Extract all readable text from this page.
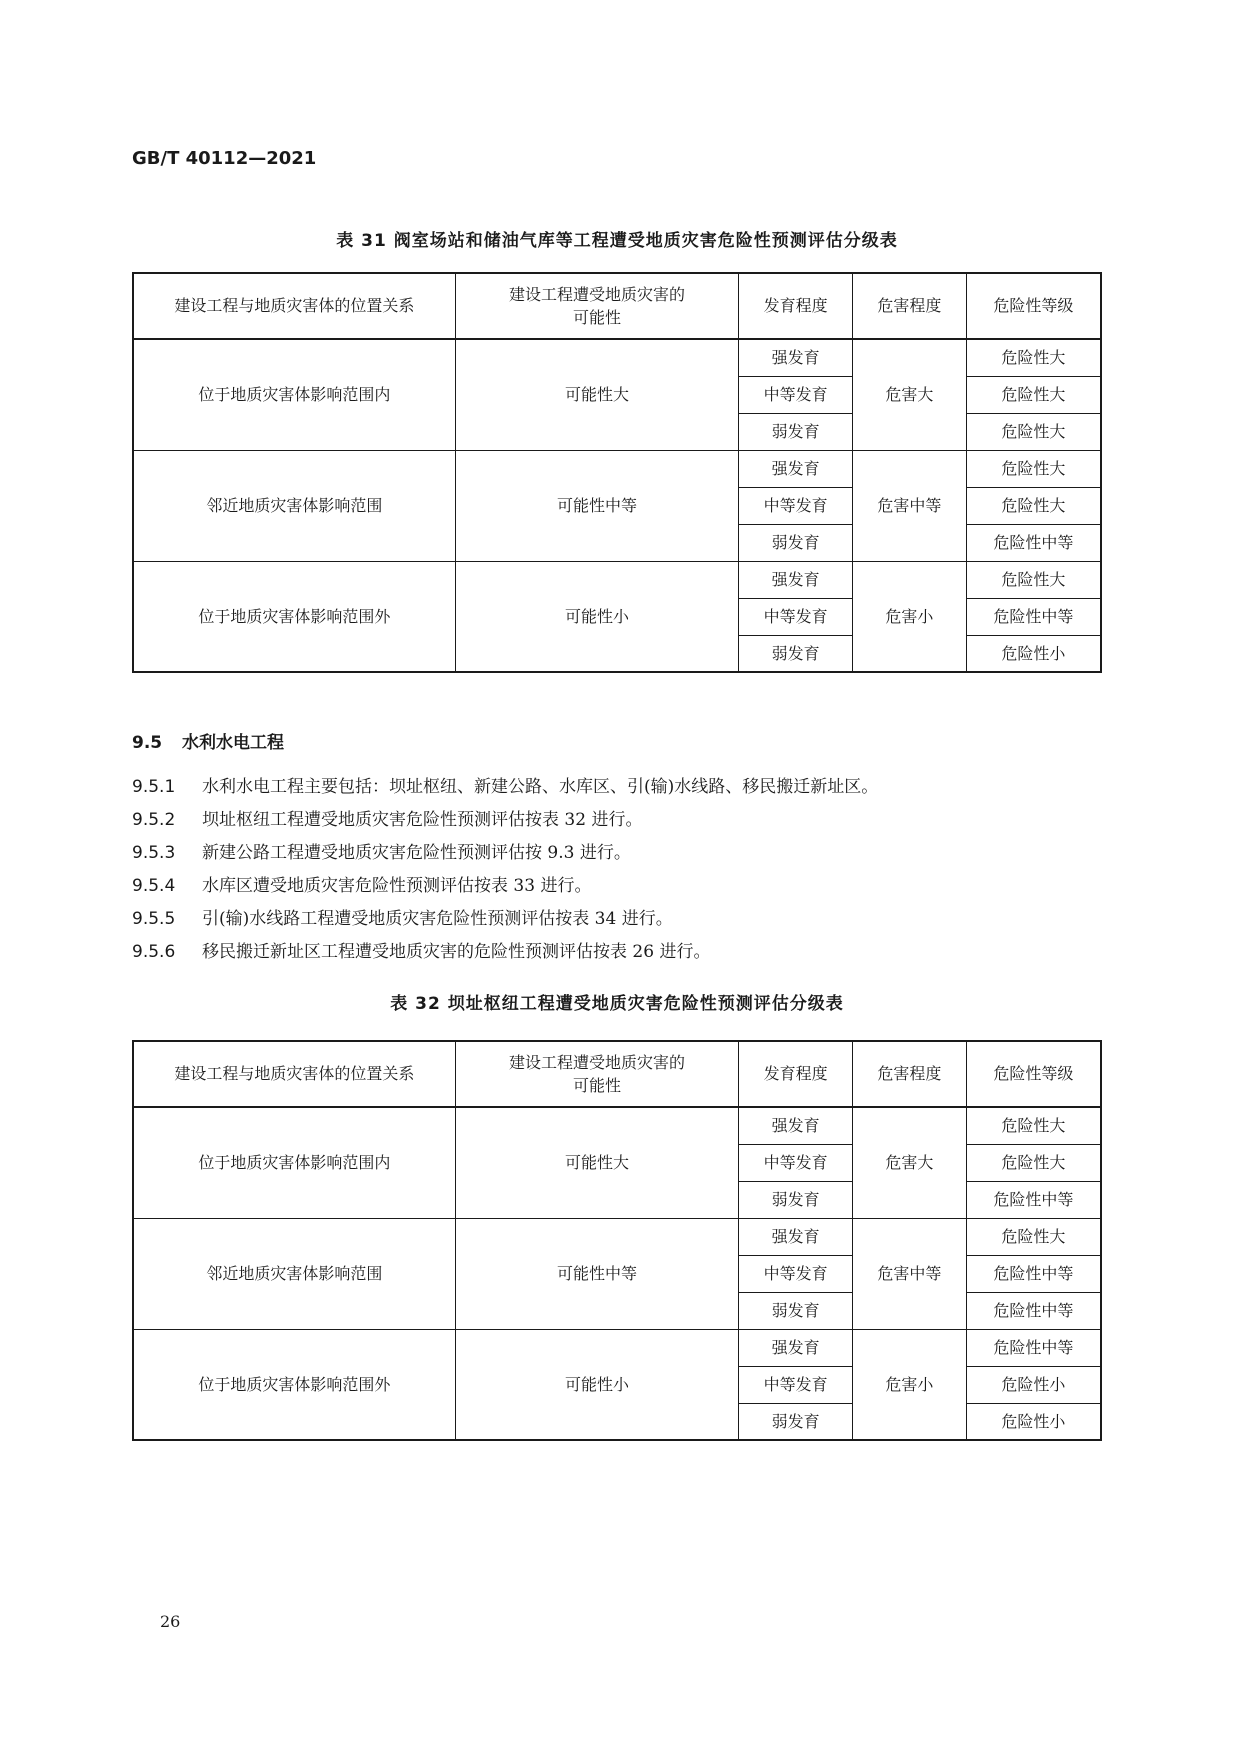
GB/T 40112—2021
表 31 阀室场站和储油气库等工程遭受地质灾害危险性预测评估分级表
建设工程与地质灾害体的位置关系	建设工程遭受地质灾害的
可能性	发育程度	危害程度	危险性等级
位于地质灾害体影响范围内	可能性大	强发育	危害大	危险性大
		中等发育		危险性大
		弱发育		危险性大
邻近地质灾害体影响范围	可能性中等	强发育	危害中等	危险性大
		中等发育		危险性大
		弱发育		危险性中等
位于地质灾害体影响范围外	可能性小	强发育	危害小	危险性大
		中等发育		危险性中等
		弱发育		危险性小
9.5 水利水电工程
9.5.1 水利水电工程主要包括：坝址枢纽、新建公路、水库区、引(输)水线路、移民搬迁新址区。
9.5.2 坝址枢纽工程遭受地质灾害危险性预测评估按表 32 进行。
9.5.3 新建公路工程遭受地质灾害危险性预测评估按 9.3 进行。
9.5.4 水库区遭受地质灾害危险性预测评估按表 33 进行。
9.5.5 引(输)水线路工程遭受地质灾害危险性预测评估按表 34 进行。
9.5.6 移民搬迁新址区工程遭受地质灾害的危险性预测评估按表 26 进行。
表 32 坝址枢纽工程遭受地质灾害危险性预测评估分级表
建设工程与地质灾害体的位置关系	建设工程遭受地质灾害的
可能性	发育程度	危害程度	危险性等级
位于地质灾害体影响范围内	可能性大	强发育	危害大	危险性大
		中等发育		危险性大
		弱发育		危险性中等
邻近地质灾害体影响范围	可能性中等	强发育	危害中等	危险性大
		中等发育		危险性中等
		弱发育		危险性中等
位于地质灾害体影响范围外	可能性小	强发育	危害小	危险性中等
		中等发育		危险性小
		弱发育		危险性小
26
